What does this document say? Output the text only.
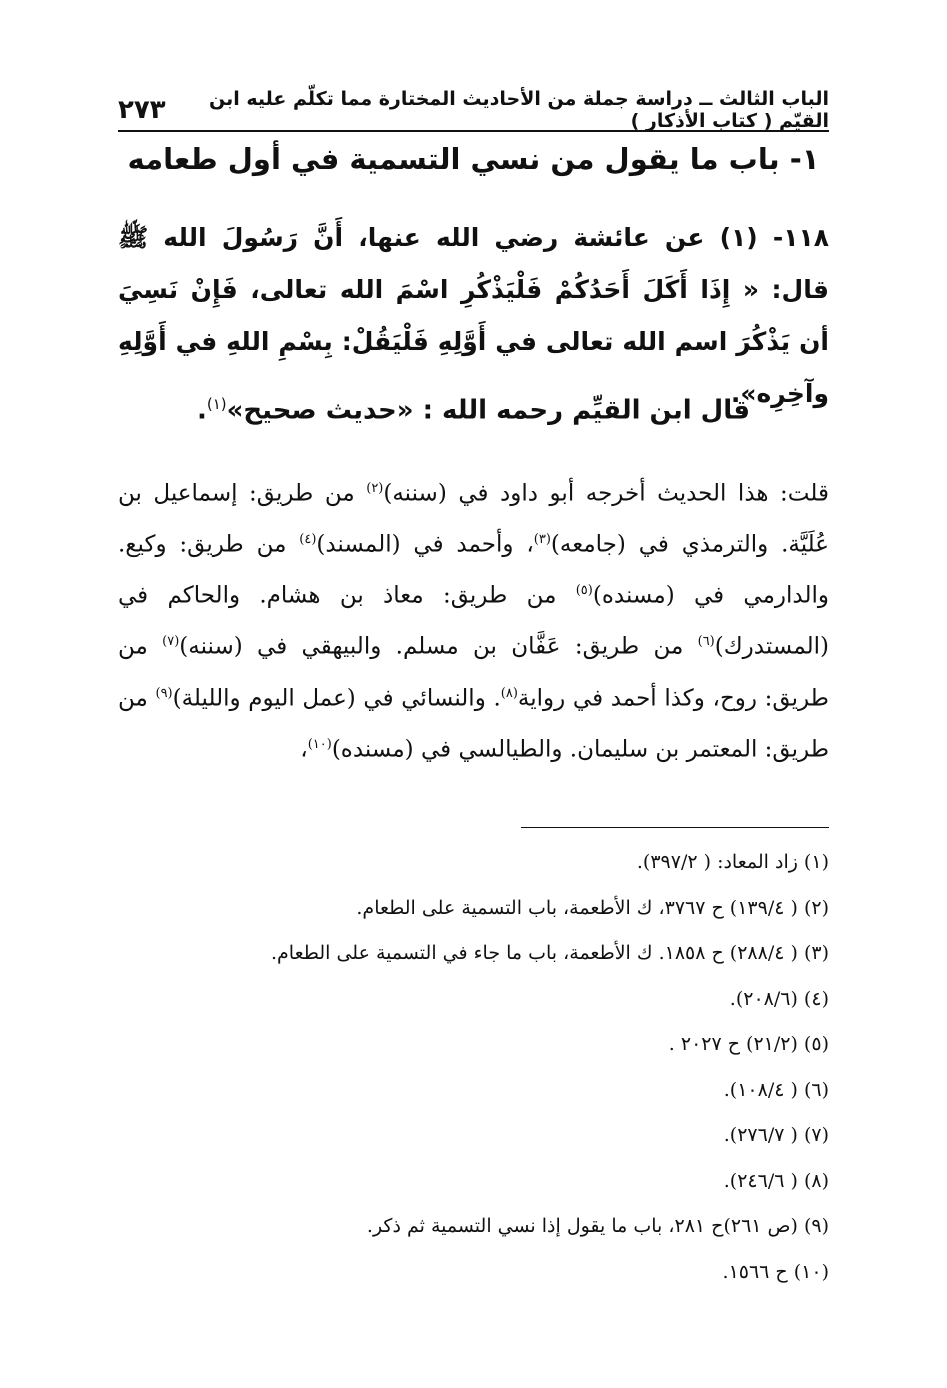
الباب الثالث ــ دراسة جملة من الأحاديث المختارة مما تكلّم عليه ابن القيّم ( كتاب الأذكار )
٢٧٣
١- باب ما يقول من نسي التسمية في أول طعامه

١١٨- (١) عن عائشة رضي الله عنها، أَنَّ رَسُولَ الله ﷺ قال: « إِذَا أَكَلَ أَحَدُكُمْ فَلْيَذْكُرِ اسْمَ الله تعالى، فَإِنْ نَسِيَ أن يَذْكُرَ اسم الله تعالى في أَوَّلِهِ فَلْيَقُلْ: بِسْمِ اللهِ في أَوَّلِهِ وآخِرِه».

قال ابن القيِّم رحمه الله : «حديث صحيح»$^{(١)}$.

قلت: هذا الحديث أخرجه أبو داود في (سننه)$^{(٢)}$ من طريق: إسماعيل بن عُلَيَّة. والترمذي في (جامعه)$^{(٣)}$، وأحمد في (المسند)$^{(٤)}$ من طريق: وكيع. والدارمي في (مسنده)$^{(٥)}$ من طريق: معاذ بن هشام. والحاكم في (المستدرك)$^{(٦)}$ من طريق: عَفَّان بن مسلم. والبيهقي في (سننه)$^{(٧)}$ من طريق: روح، وكذا أحمد في رواية$^{(٨)}$. والنسائي في (عمل اليوم والليلة)$^{(٩)}$ من طريق: المعتمر بن سليمان. والطيالسي في (مسنده)$^{(١٠)}$،

(١) زاد المعاد: ( ٣٩٧/٢).
(٢) ( ١٣٩/٤) ح ٣٧٦٧، ك الأطعمة، باب التسمية على الطعام.
(٣) ( ٢٨٨/٤) ح ١٨٥٨. ك الأطعمة، باب ما جاء في التسمية على الطعام.
(٤) (٢٠٨/٦).
(٥) (٢١/٢) ح ٢٠٢٧ .
(٦) ( ١٠٨/٤).
(٧) ( ٢٧٦/٧).
(٨) ( ٢٤٦/٦).
(٩) (ص ٢٦١)ح ٢٨١، باب ما يقول إذا نسي التسمية ثم ذكر.
(١٠) ح ١٥٦٦.
